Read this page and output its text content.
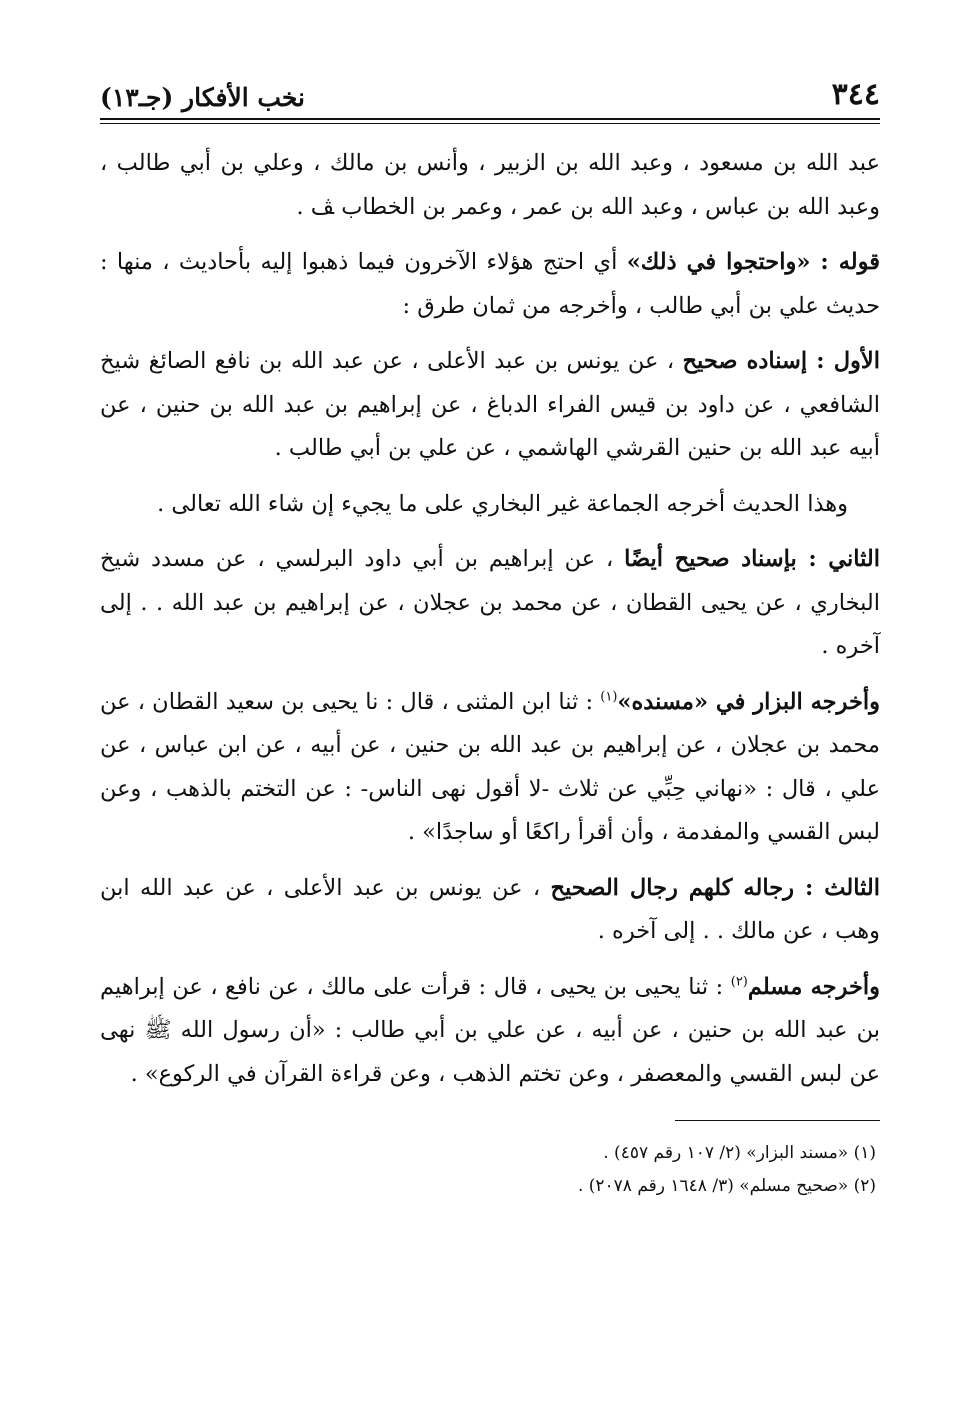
٣٤٤
نخب الأفكار (جـ١٣)

عبد الله بن مسعود ، وعبد الله بن الزبير ، وأنس بن مالك ، وعلي بن أبي طالب ، وعبد الله بن عباس ، وعبد الله بن عمر ، وعمر بن الخطاب ﭫ .

قوله : «واحتجوا في ذلك» أي احتج هؤلاء الآخرون فيما ذهبوا إليه بأحاديث ، منها : حديث علي بن أبي طالب ، وأخرجه من ثمان طرق :

الأول : إسناده صحيح ، عن يونس بن عبد الأعلى ، عن عبد الله بن نافع الصائغ شيخ الشافعي ، عن داود بن قيس الفراء الدباغ ، عن إبراهيم بن عبد الله بن حنين ، عن أبيه عبد الله بن حنين القرشي الهاشمي ، عن علي بن أبي طالب .

وهذا الحديث أخرجه الجماعة غير البخاري على ما يجيء إن شاء الله تعالى .

الثاني : بإسناد صحيح أيضًا ، عن إبراهيم بن أبي داود البرلسي ، عن مسدد شيخ البخاري ، عن يحيى القطان ، عن محمد بن عجلان ، عن إبراهيم بن عبد الله . . إلى آخره .

وأخرجه البزار في «مسنده»$^{(١)}$ : ثنا ابن المثنى ، قال : نا يحيى بن سعيد القطان ، عن محمد بن عجلان ، عن إبراهيم بن عبد الله بن حنين ، عن أبيه ، عن ابن عباس ، عن علي ، قال : «نهاني حِبِّي عن ثلاث -لا أقول نهى الناس- : عن التختم بالذهب ، وعن لبس القسي والمفدمة ، وأن أقرأ راكعًا أو ساجدًا» .

الثالث : رجاله كلهم رجال الصحيح ، عن يونس بن عبد الأعلى ، عن عبد الله ابن وهب ، عن مالك . . إلى آخره .

وأخرجه مسلم$^{(٢)}$ : ثنا يحيى بن يحيى ، قال : قرأت على مالك ، عن نافع ، عن إبراهيم بن عبد الله بن حنين ، عن أبيه ، عن علي بن أبي طالب : «أن رسول الله ﷺ نهى عن لبس القسي والمعصفر ، وعن تختم الذهب ، وعن قراءة القرآن في الركوع» .

(١) «مسند البزار» (٢/ ١٠٧ رقم ٤٥٧) .

(٢) «صحيح مسلم» (٣/ ١٦٤٨ رقم ٢٠٧٨) .
